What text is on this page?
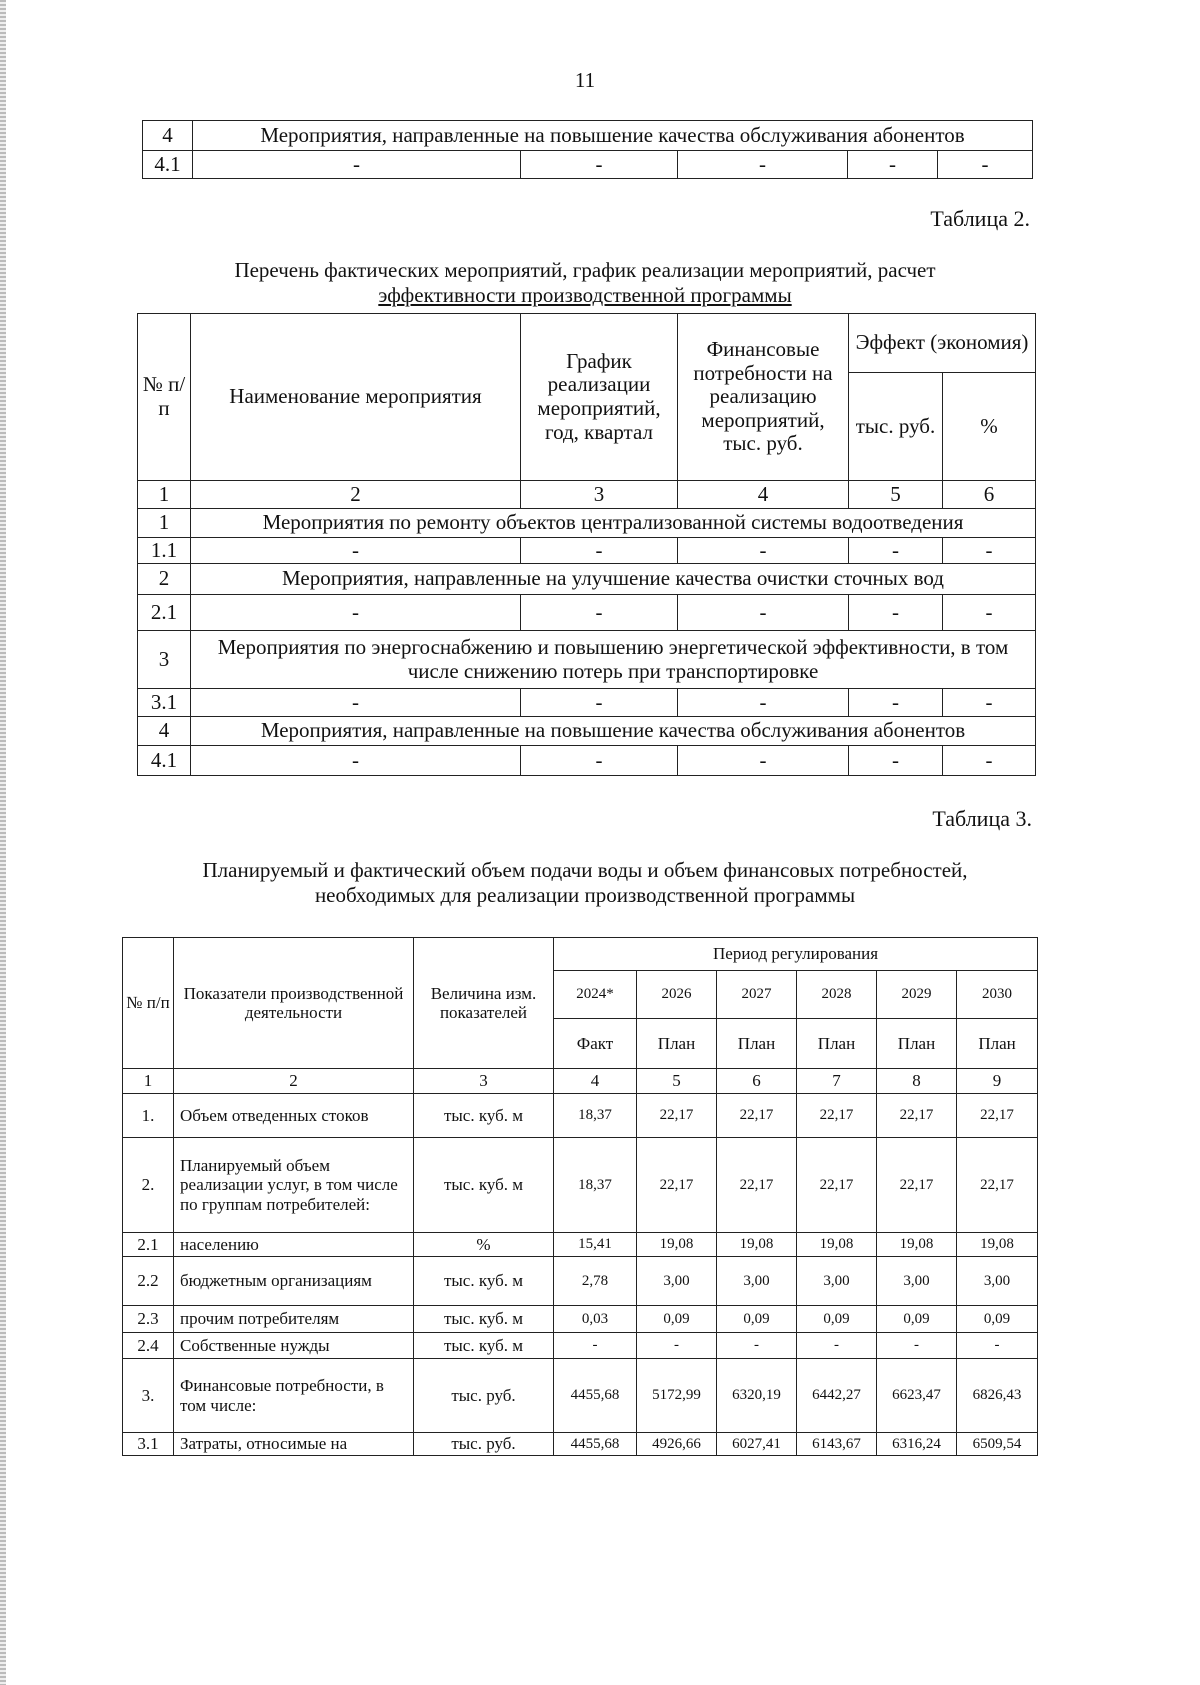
11
4	Мероприятия, направленные на повышение качества обслуживания абонентов				
4.1	-	-	-	-	-
Таблица 2.
Перечень фактических мероприятий, график реализации мероприятий, расчет
эффективности производственной программы
№ п/ п	Наименование мероприятия	График реализации мероприятий, год, квартал	Финансовые потребности на реализацию мероприятий, тыс. руб.	Эффект (экономия)	
				тыс. руб.	%
1	2	3	4	5	6
1	Мероприятия по ремонту объектов централизованной системы водоотведения				
1.1	-	-	-	-	-
2	Мероприятия, направленные на улучшение качества очистки сточных вод				
2.1	-	-	-	-	-
3	Мероприятия по энергоснабжению и повышению энергетической эффективности, в том числе снижению потерь при транспортировке				
3.1	-	-	-	-	-
4	Мероприятия, направленные на повышение качества обслуживания абонентов				
4.1	-	-	-	-	-
Таблица 3.
Планируемый и фактический объем подачи воды и объем финансовых потребностей,
необходимых для реализации производственной программы
№ п/п	Показатели производственной деятельности	Величина изм. показателей	Период регулирования					
			2024*	2026	2027	2028	2029	2030
			Факт	План	План	План	План	План
1	2	3	4	5	6	7	8	9
1.	Объем отведенных стоков	тыс. куб. м	18,37	22,17	22,17	22,17	22,17	22,17
2.	Планируемый объем реализации услуг, в том числе по группам потребителей:	тыс. куб. м	18,37	22,17	22,17	22,17	22,17	22,17
2.1	населению	%	15,41	19,08	19,08	19,08	19,08	19,08
2.2	бюджетным организациям	тыс. куб. м	2,78	3,00	3,00	3,00	3,00	3,00
2.3	прочим потребителям	тыс. куб. м	0,03	0,09	0,09	0,09	0,09	0,09
2.4	Собственные нужды	тыс. куб. м	-	-	-	-	-	-
3.	Финансовые потребности, в том числе:	тыс. руб.	4455,68	5172,99	6320,19	6442,27	6623,47	6826,43
3.1	Затраты, относимые на	тыс. руб.	4455,68	4926,66	6027,41	6143,67	6316,24	6509,54
